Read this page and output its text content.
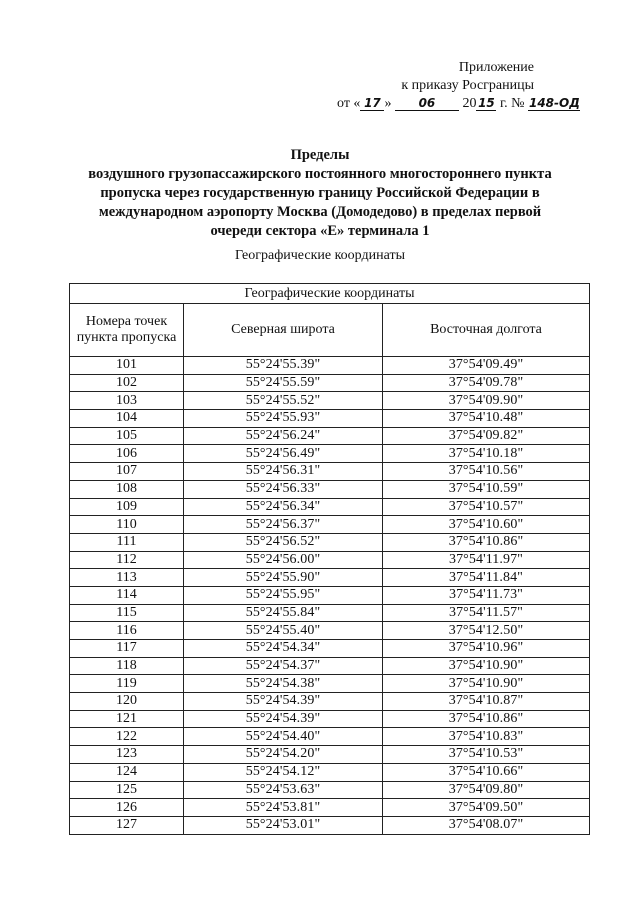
Приложение
к приказу Росграницы
от « 17 » 06 20 15 г. № 148-ОД
Пределы
воздушного грузопассажирского постоянного многостороннего пункта
пропуска через государственную границу Российской Федерации в
международном аэропорту Москва (Домодедово) в пределах первой
очереди сектора «Е» терминала 1
Географические координаты
Географические координаты		
Номера точек пункта пропуска	Северная широта	Восточная долгота
101	55°24'55.39"	37°54'09.49"
102	55°24'55.59"	37°54'09.78"
103	55°24'55.52"	37°54'09.90"
104	55°24'55.93"	37°54'10.48"
105	55°24'56.24"	37°54'09.82"
106	55°24'56.49"	37°54'10.18"
107	55°24'56.31"	37°54'10.56"
108	55°24'56.33"	37°54'10.59"
109	55°24'56.34"	37°54'10.57"
110	55°24'56.37"	37°54'10.60"
111	55°24'56.52"	37°54'10.86"
112	55°24'56.00"	37°54'11.97"
113	55°24'55.90"	37°54'11.84"
114	55°24'55.95"	37°54'11.73"
115	55°24'55.84"	37°54'11.57"
116	55°24'55.40"	37°54'12.50"
117	55°24'54.34"	37°54'10.96"
118	55°24'54.37"	37°54'10.90"
119	55°24'54.38"	37°54'10.90"
120	55°24'54.39"	37°54'10.87"
121	55°24'54.39"	37°54'10.86"
122	55°24'54.40"	37°54'10.83"
123	55°24'54.20"	37°54'10.53"
124	55°24'54.12"	37°54'10.66"
125	55°24'53.63"	37°54'09.80"
126	55°24'53.81"	37°54'09.50"
127	55°24'53.01"	37°54'08.07"
